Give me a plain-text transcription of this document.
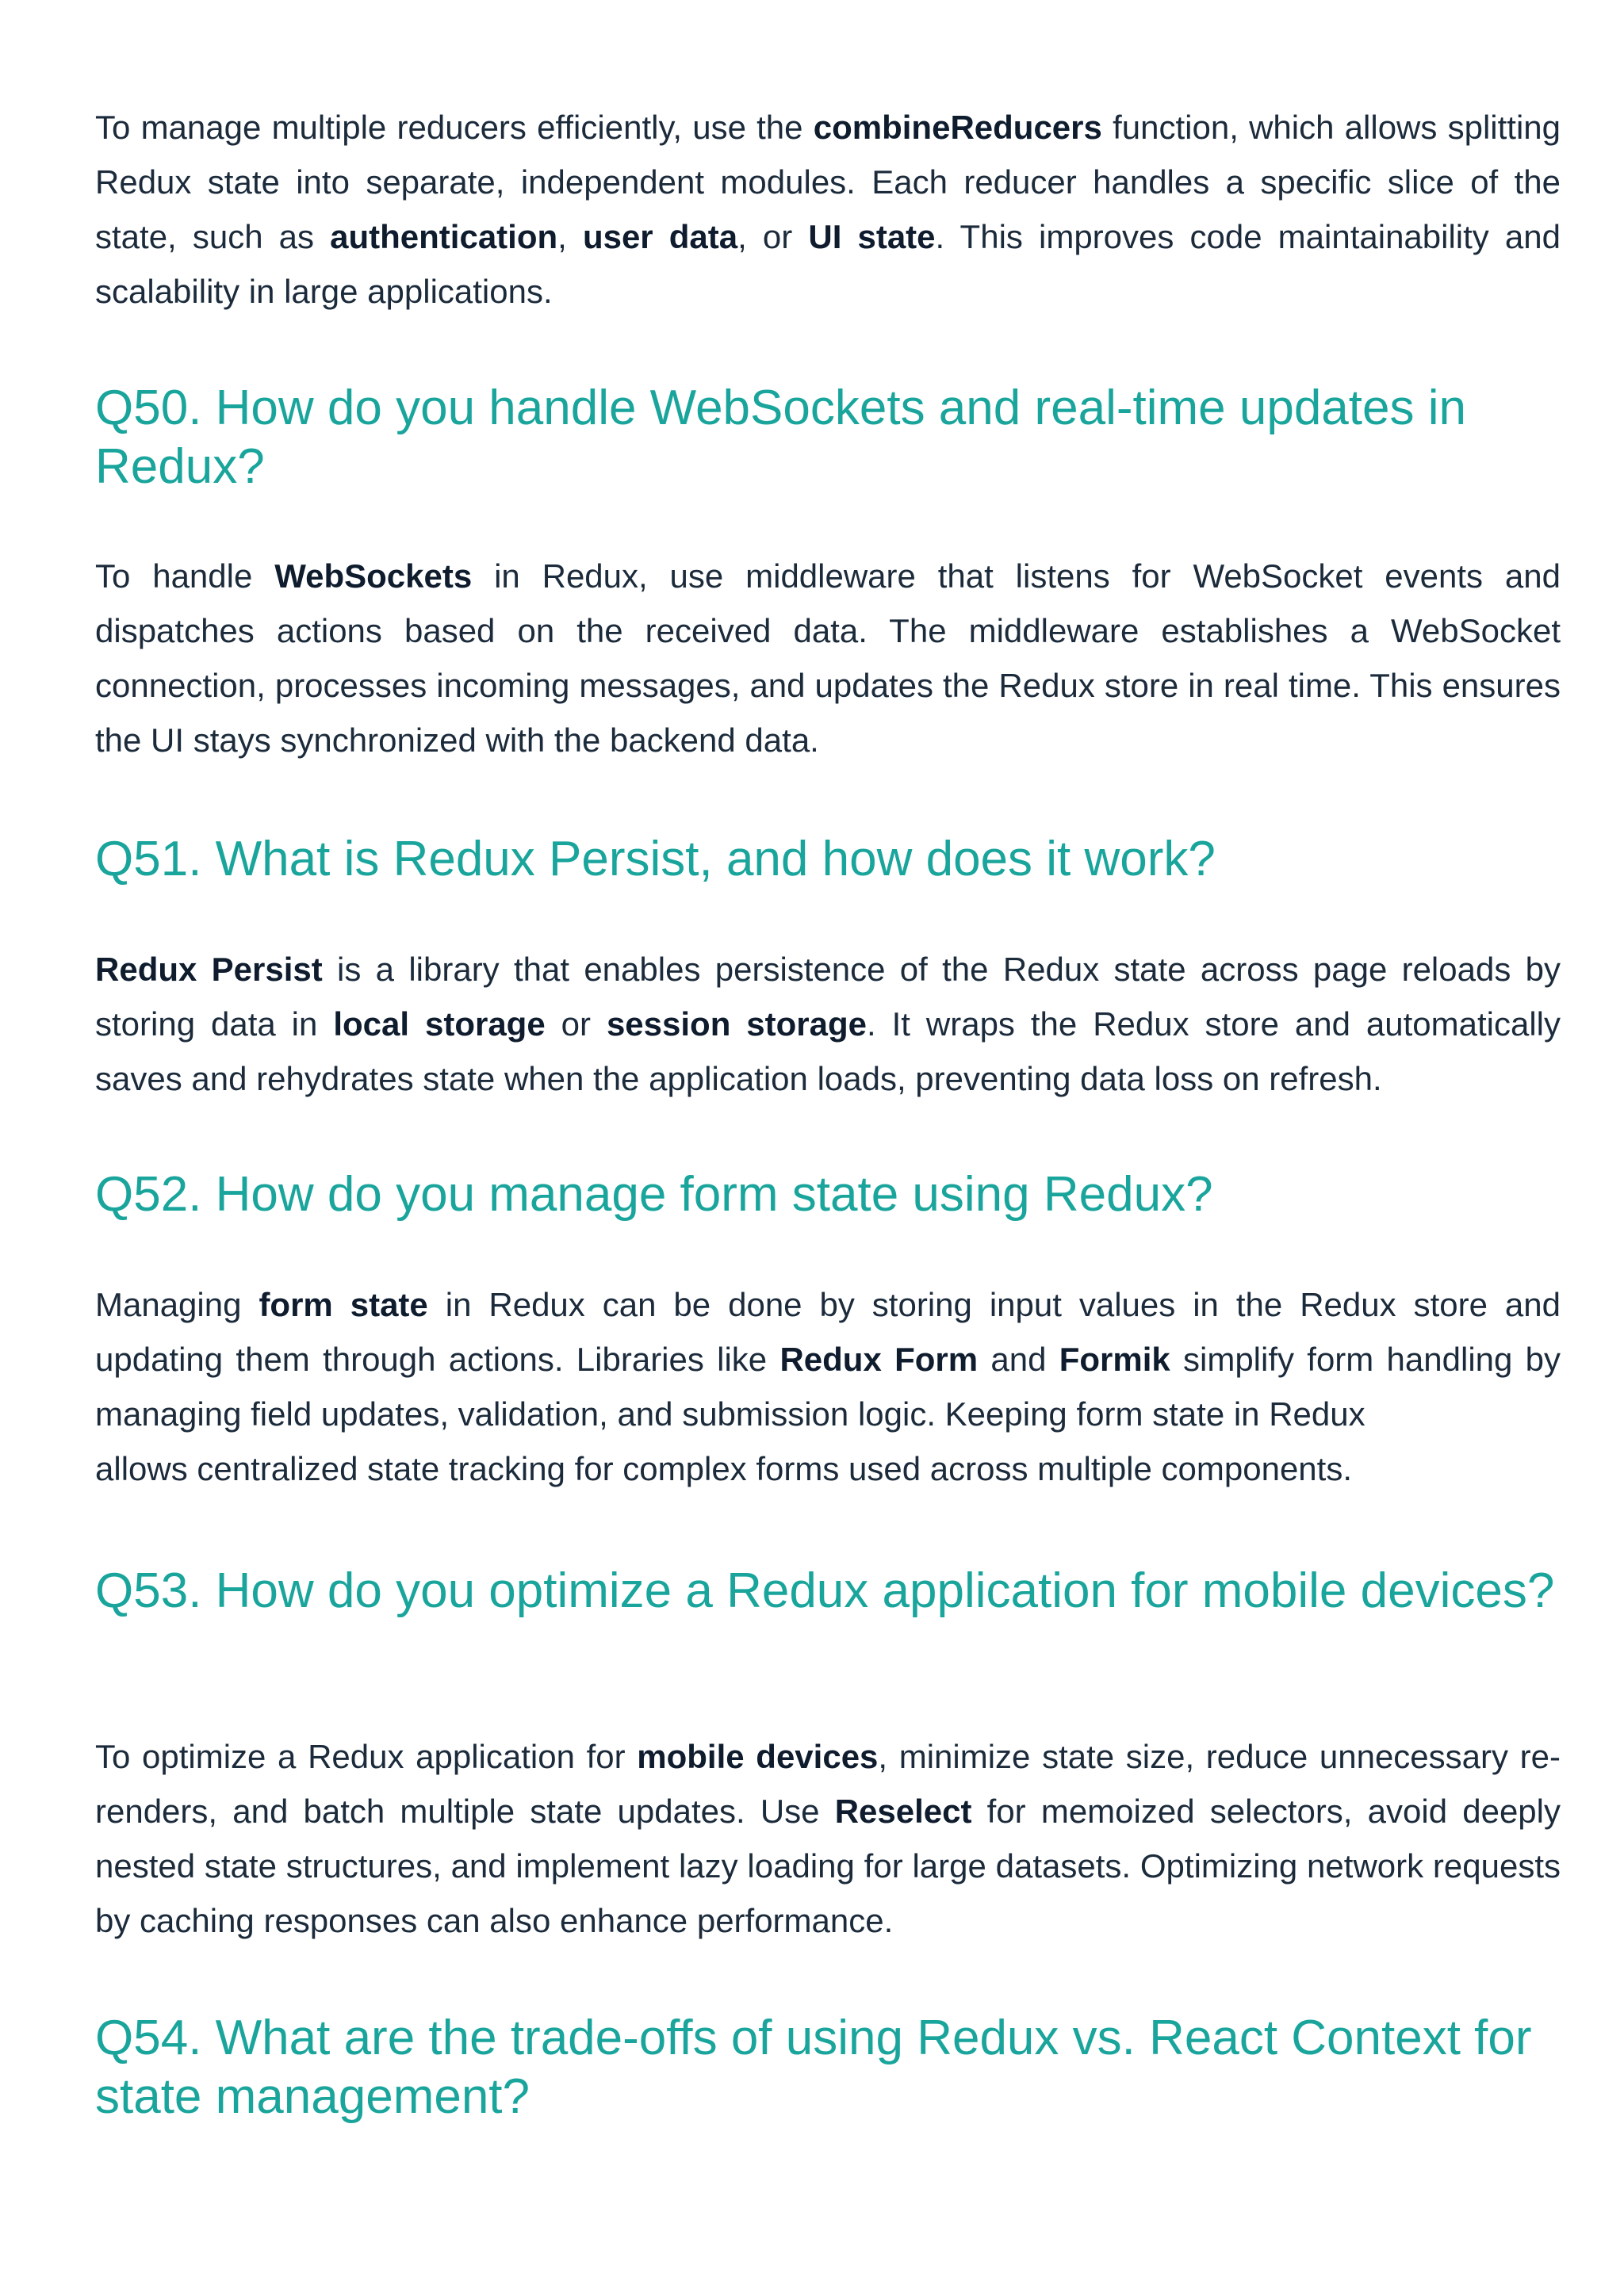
To manage multiple reducers efficiently, use the combineReducers function, which allows splitting Redux state into separate, independent modules. Each reducer handles a specific slice of the state, such as authentication, user data, or UI state. This improves code maintainability and scalability in large applications.

Q50. How do you handle WebSockets and real-time updates in Redux?

To handle WebSockets in Redux, use middleware that listens for WebSocket events and dispatches actions based on the received data. The middleware establishes a WebSocket connection, processes incoming messages, and updates the Redux store in real time. This ensures the UI stays synchronized with the backend data.

Q51. What is Redux Persist, and how does it work?

Redux Persist is a library that enables persistence of the Redux state across page reloads by storing data in local storage or session storage. It wraps the Redux store and automatically saves and rehydrates state when the application loads, preventing data loss on refresh.

Q52. How do you manage form state using Redux?

Managing form state in Redux can be done by storing input values in the Redux store and updating them through actions. Libraries like Redux Form and Formik simplify form handling by managing field updates, validation, and submission logic. Keeping form state in Redux
allows centralized state tracking for complex forms used across multiple components.

Q53. How do you optimize a Redux application for mobile devices?

To optimize a Redux application for mobile devices, minimize state size, reduce unnecessary re-renders, and batch multiple state updates. Use Reselect for memoized selectors, avoid deeply nested state structures, and implement lazy loading for large datasets. Optimizing network requests by caching responses can also enhance performance.

Q54. What are the trade-offs of using Redux vs. React Context for state management?
